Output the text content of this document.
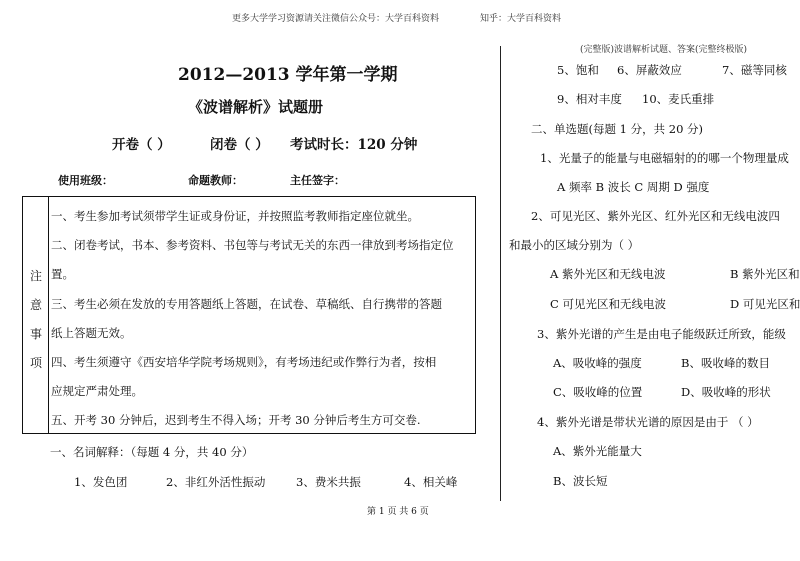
更多大学学习资源请关注微信公众号：大学百科资料	知乎：大学百科资料
2012—2013 学年第一学期
《波谱解析》试题册
开卷（ ）	闭卷（ ） 考试时长：120 分钟
使用班级：	命题教师：	主任签字：
注
意
事
项
一、考生参加考试须带学生证或身份证，并按照监考教师指定座位就坐。
二、闭卷考试，书本、参考资料、书包等与考试无关的东西一律放到考场指定位
置。
三、考生必须在发放的专用答题纸上答题，在试卷、草稿纸、自行携带的答题
纸上答题无效。
四、考生须遵守《西安培华学院考场规则》，有考场违纪或作弊行为者，按相
应规定严肃处理。
五、开考 30 分钟后，迟到考生不得入场；开考 30 分钟后考生方可交卷.
一、名词解释：（每题 4 分，共 40 分）
1、发色团	2、非红外活性振动	3、费米共振	4、相关峰
(完整版)波谱解析试题、答案(完整终极版)
5、饱和 6、屏蔽效应	7、磁等同核
9、相对丰度 10、麦氏重排
二、单选题(每题 1 分，共 20 分)
1、光量子的能量与电磁辐射的的哪一个物理量成
A 频率 B 波长 C 周期 D 强度
2、可见光区、紫外光区、红外光区和无线电波四
和最小的区域分别为（ ）
A 紫外光区和无线电波	B 紫外光区和
C 可见光区和无线电波	D 可见光区和
3、紫外光谱的产生是由电子能级跃迁所致，能级
A、吸收峰的强度	B、吸收峰的数目
C、吸收峰的位置	D、吸收峰的形状
4、紫外光谱是带状光谱的原因是由于 （ ）
A、紫外光能量大
B、波长短
第 1 页 共 6 页
